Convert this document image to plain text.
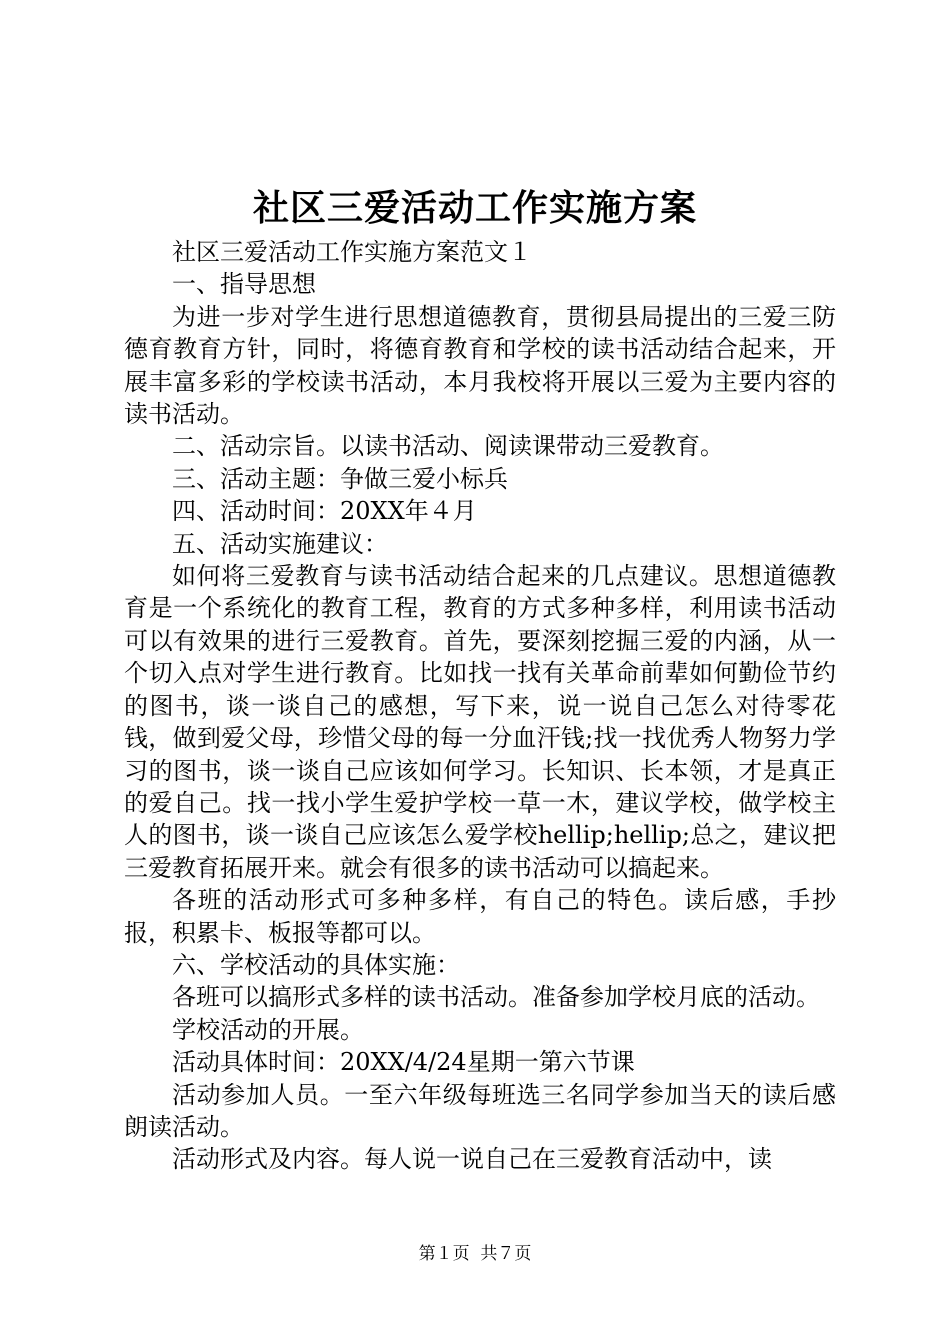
社区三爱活动工作实施方案

社区三爱活动工作实施方案范文１

一、指导思想

为进一步对学生进行思想道德教育，贯彻县局提出的三爱三防德育教育方针，同时，将德育教育和学校的读书活动结合起来，开展丰富多彩的学校读书活动，本月我校将开展以三爱为主要内容的读书活动。

二、活动宗旨。以读书活动、阅读课带动三爱教育。

三、活动主题：争做三爱小标兵

四、活动时间：20XX年４月

五、活动实施建议：

如何将三爱教育与读书活动结合起来的几点建议。思想道德教育是一个系统化的教育工程，教育的方式多种多样，利用读书活动可以有效果的进行三爱教育。首先，要深刻挖掘三爱的内涵，从一个切入点对学生进行教育。比如找一找有关革命前辈如何勤俭节约的图书，谈一谈自己的感想，写下来，说一说自己怎么对待零花钱，做到爱父母，珍惜父母的每一分血汗钱;找一找优秀人物努力学习的图书，谈一谈自己应该如何学习。长知识、长本领，才是真正的爱自己。找一找小学生爱护学校一草一木，建议学校，做学校主人的图书，谈一谈自己应该怎么爱学校hellip;hellip;总之，建议把三爱教育拓展开来。就会有很多的读书活动可以搞起来。

各班的活动形式可多种多样，有自己的特色。读后感，手抄报，积累卡、板报等都可以。

六、学校活动的具体实施：

各班可以搞形式多样的读书活动。准备参加学校月底的活动。

学校活动的开展。

活动具体时间：20XX/4/24星期一第六节课

活动参加人员。一至六年级每班选三名同学参加当天的读后感朗读活动。

活动形式及内容。每人说一说自己在三爱教育活动中，读

第１页 共７页
